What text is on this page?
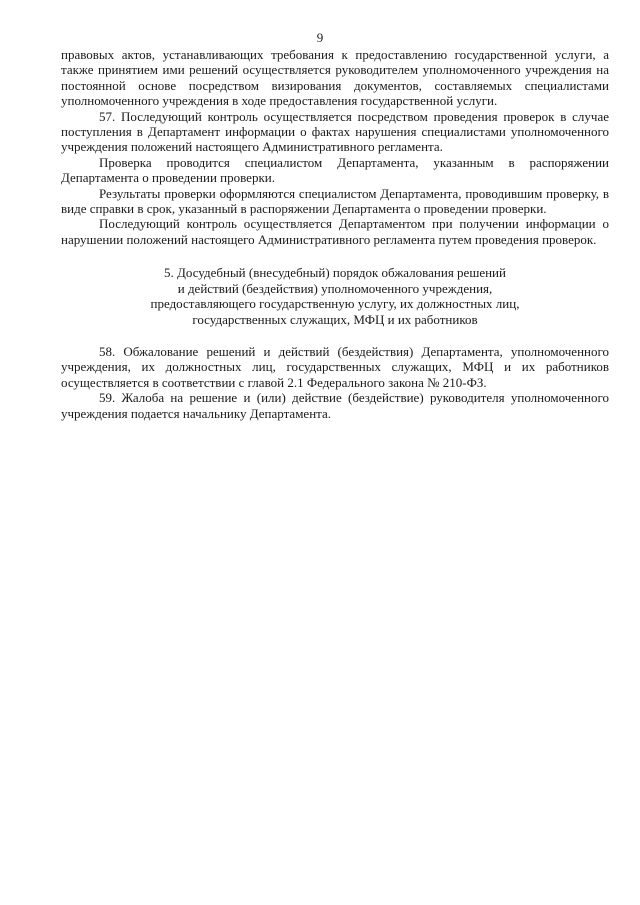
9

правовых актов, устанавливающих требования к предоставлению государственной услуги, а также принятием ими решений осуществляется руководителем уполномоченного учреждения на постоянной основе посредством визирования документов, составляемых специалистами уполномоченного учреждения в ходе предоставления государственной услуги.

57. Последующий контроль осуществляется посредством проведения проверок в случае поступления в Департамент информации о фактах нарушения специалистами уполномоченного учреждения положений настоящего Административного регламента.

Проверка проводится специалистом Департамента, указанным в распоряжении Департамента о проведении проверки.

Результаты проверки оформляются специалистом Департамента, проводившим проверку, в виде справки в срок, указанный в распоряжении Департамента о проведении проверки.

Последующий контроль осуществляется Департаментом при получении информации о нарушении положений настоящего Административного регламента путем проведения проверок.

5. Досудебный (внесудебный) порядок обжалования решений
и действий (бездействия) уполномоченного учреждения,
предоставляющего государственную услугу, их должностных лиц,
государственных служащих, МФЦ и их работников

58. Обжалование решений и действий (бездействия) Департамента, уполномоченного учреждения, их должностных лиц, государственных служащих, МФЦ и их работников осуществляется в соответствии с главой 2.1 Федерального закона № 210-ФЗ.

59. Жалоба на решение и (или) действие (бездействие) руководителя уполномоченного учреждения подается начальнику Департамента.
